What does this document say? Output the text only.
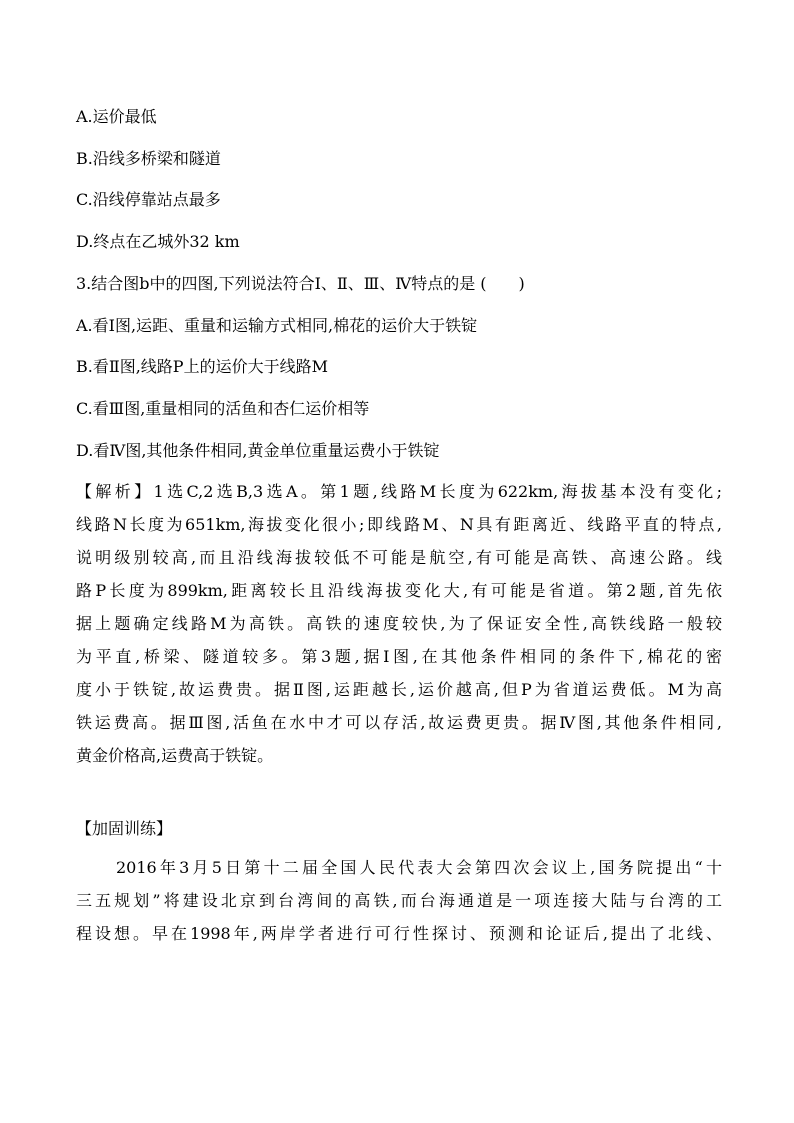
A.运价最低
B.沿线多桥梁和隧道
C.沿线停靠站点最多
D.终点在乙城外32 km
3.结合图b中的四图,下列说法符合Ⅰ、Ⅱ、Ⅲ、Ⅳ特点的是 (　　)
A.看Ⅰ图,运距、重量和运输方式相同,棉花的运价大于铁锭
B.看Ⅱ图,线路P上的运价大于线路M
C.看Ⅲ图,重量相同的活鱼和杏仁运价相等
D.看Ⅳ图,其他条件相同,黄金单位重量运费小于铁锭
【解析】1选C,2选B,3选A。第1题,线路M长度为622km,海拔基本没有变化;
线路N长度为651km,海拔变化很小;即线路M、N具有距离近、线路平直的特点,
说明级别较高,而且沿线海拔较低不可能是航空,有可能是高铁、高速公路。线
路P长度为899km,距离较长且沿线海拔变化大,有可能是省道。第2题,首先依
据上题确定线路M为高铁。高铁的速度较快,为了保证安全性,高铁线路一般较
为平直,桥梁、隧道较多。第3题,据Ⅰ图,在其他条件相同的条件下,棉花的密
度小于铁锭,故运费贵。据Ⅱ图,运距越长,运价越高,但P为省道运费低。M为高
铁运费高。据Ⅲ图,活鱼在水中才可以存活,故运费更贵。据Ⅳ图,其他条件相同,
黄金价格高,运费高于铁锭。
【加固训练】
2016年3月5日第十二届全国人民代表大会第四次会议上,国务院提出“十
三五规划”将建设北京到台湾间的高铁,而台海通道是一项连接大陆与台湾的工
程设想。早在1998年,两岸学者进行可行性探讨、预测和论证后,提出了北线、
